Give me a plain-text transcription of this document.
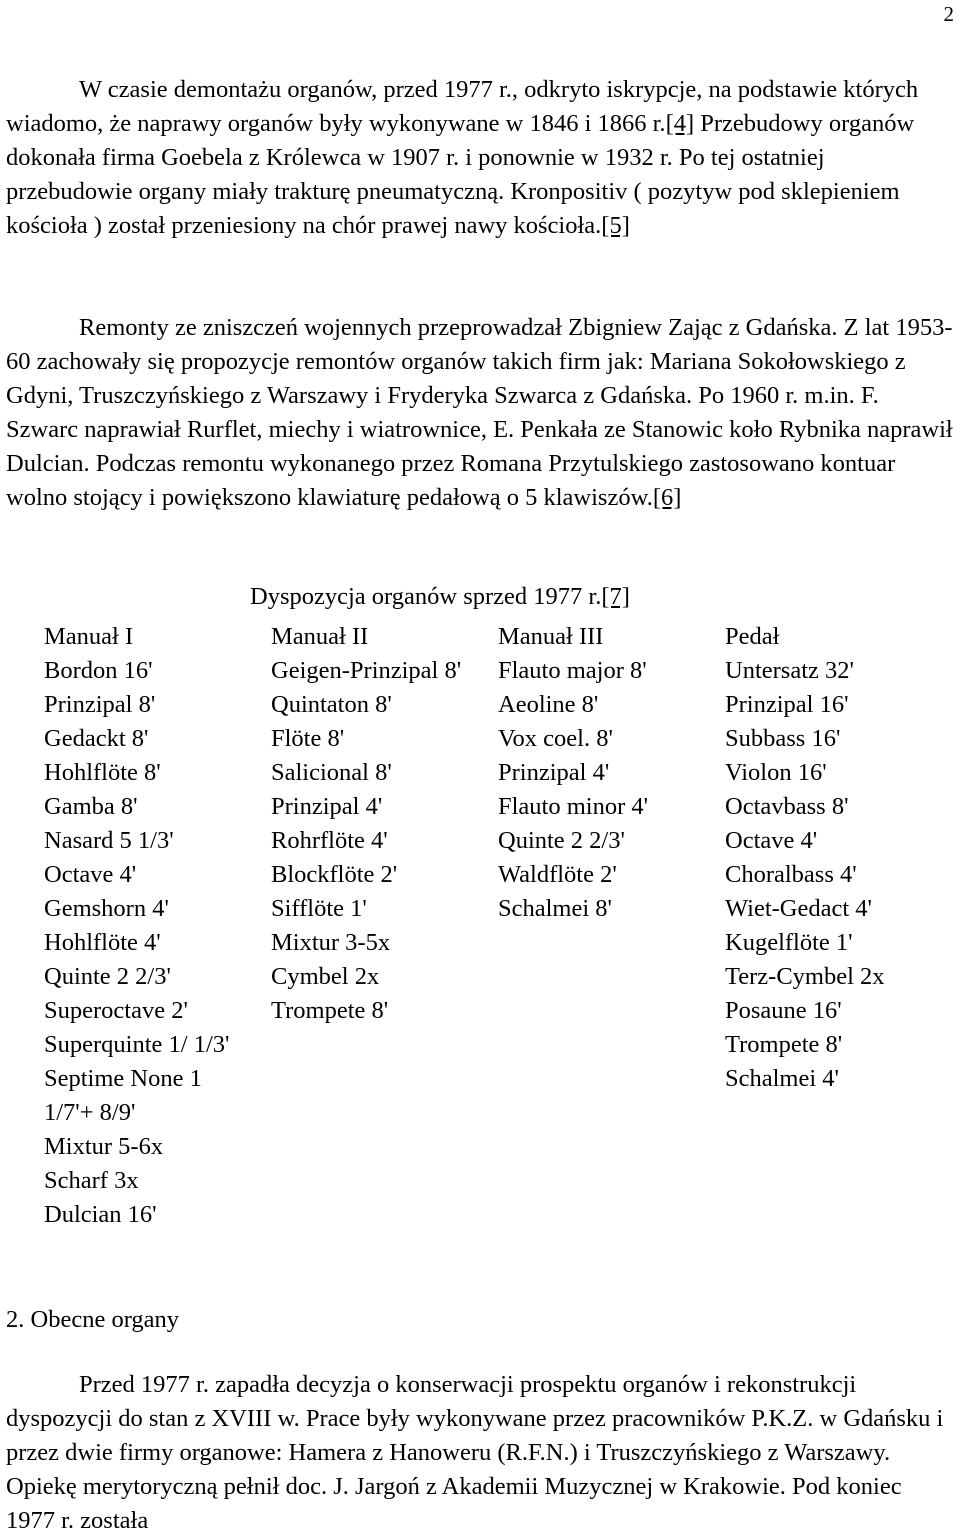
2

W czasie demontażu organów, przed 1977 r., odkryto iskrypcje, na podstawie których wiadomo, że naprawy organów były wykonywane w 1846 i 1866 r.[4] Przebudowy organów dokonała firma Goebela z Królewca w 1907 r. i ponownie w 1932 r. Po tej ostatniej przebudowie organy miały trakturę pneumatyczną. Kronpositiv ( pozytyw pod sklepieniem kościoła ) został przeniesiony na chór prawej nawy kościoła.[5]

Remonty ze zniszczeń wojennych przeprowadzał Zbigniew Zając z Gdańska. Z lat 1953-60 zachowały się propozycje remontów organów takich firm jak: Mariana Sokołowskiego z Gdyni, Truszczyńskiego z Warszawy i Fryderyka Szwarca z Gdańska. Po 1960 r. m.in. F. Szwarc naprawiał Rurflet, miechy i wiatrownice, E. Penkała ze Stanowic koło Rybnika naprawił Dulcian. Podczas remontu wykonanego przez Romana Przytulskiego zastosowano kontuar wolno stojący i powiększono klawiaturę pedałową o 5 klawiszów.[6]

Dyspozycja organów sprzed 1977 r.[7]
Manuał I
Bordon 16'
Prinzipal 8'
Gedackt 8'
Hohlflöte 8'
Gamba 8'
Nasard 5 1/3'
Octave 4'
Gemshorn 4'
Hohlflöte 4'
Quinte 2 2/3'
Superoctave 2'
Superquinte 1/ 1/3'
Septime None 1 1/7'+ 8/9'
Mixtur 5-6x
Scharf 3x
Dulcian 16'
Manuał II
Geigen-Prinzipal 8'
Quintaton 8'
Flöte 8'
Salicional 8'
Prinzipal 4'
Rohrflöte 4'
Blockflöte 2'
Sifflöte 1'
Mixtur 3-5x
Cymbel 2x
Trompete 8'
Manuał III
Flauto major 8'
Aeoline 8'
Vox coel. 8'
Prinzipal 4'
Flauto minor 4'
Quinte 2 2/3'
Waldflöte 2'
Schalmei 8'
Pedał
Untersatz 32'
Prinzipal 16'
Subbass 16'
Violon 16'
Octavbass 8'
Octave 4'
Choralbass 4'
Wiet-Gedact 4'
Kugelflöte 1'
Terz-Cymbel 2x
Posaune 16'
Trompete 8'
Schalmei 4'
2. Obecne organy

Przed 1977 r. zapadła decyzja o konserwacji prospektu organów i rekonstrukcji dyspozycji do stan z XVIII w. Prace były wykonywane przez pracowników P.K.Z. w Gdańsku i przez dwie firmy organowe: Hamera z Hanoweru (R.F.N.) i Truszczyńskiego z Warszawy. Opiekę merytoryczną pełnił doc. J. Jargoń z Akademii Muzycznej w Krakowie. Pod koniec 1977 r. została
